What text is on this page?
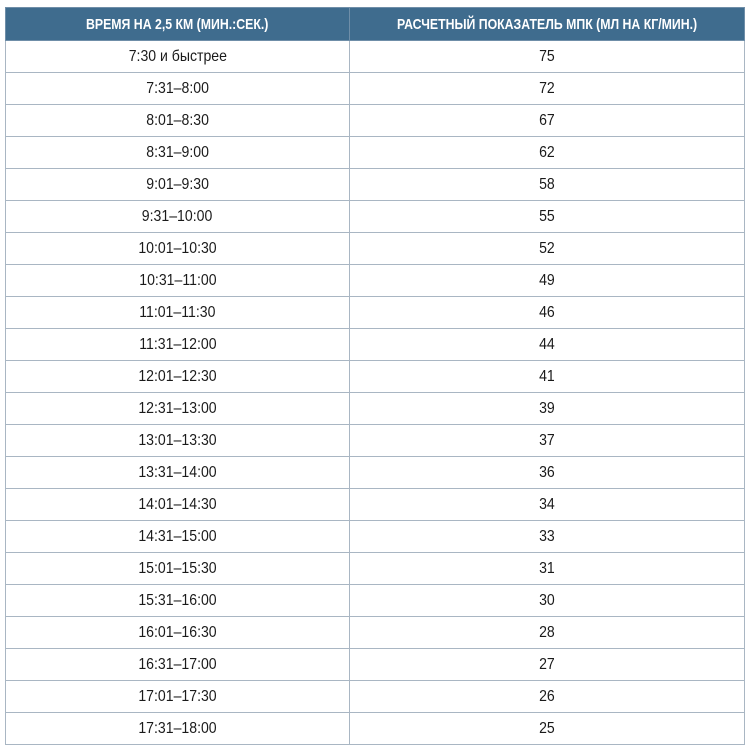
ВРЕМЯ НА 2,5 КМ (МИН.:СЕК.)	РАСЧЕТНЫЙ ПОКАЗАТЕЛЬ МПК (МЛ НА КГ/МИН.)
7:30 и быстрее	75
7:31–8:00	72
8:01–8:30	67
8:31–9:00	62
9:01–9:30	58
9:31–10:00	55
10:01–10:30	52
10:31–11:00	49
11:01–11:30	46
11:31–12:00	44
12:01–12:30	41
12:31–13:00	39
13:01–13:30	37
13:31–14:00	36
14:01–14:30	34
14:31–15:00	33
15:01–15:30	31
15:31–16:00	30
16:01–16:30	28
16:31–17:00	27
17:01–17:30	26
17:31–18:00	25
